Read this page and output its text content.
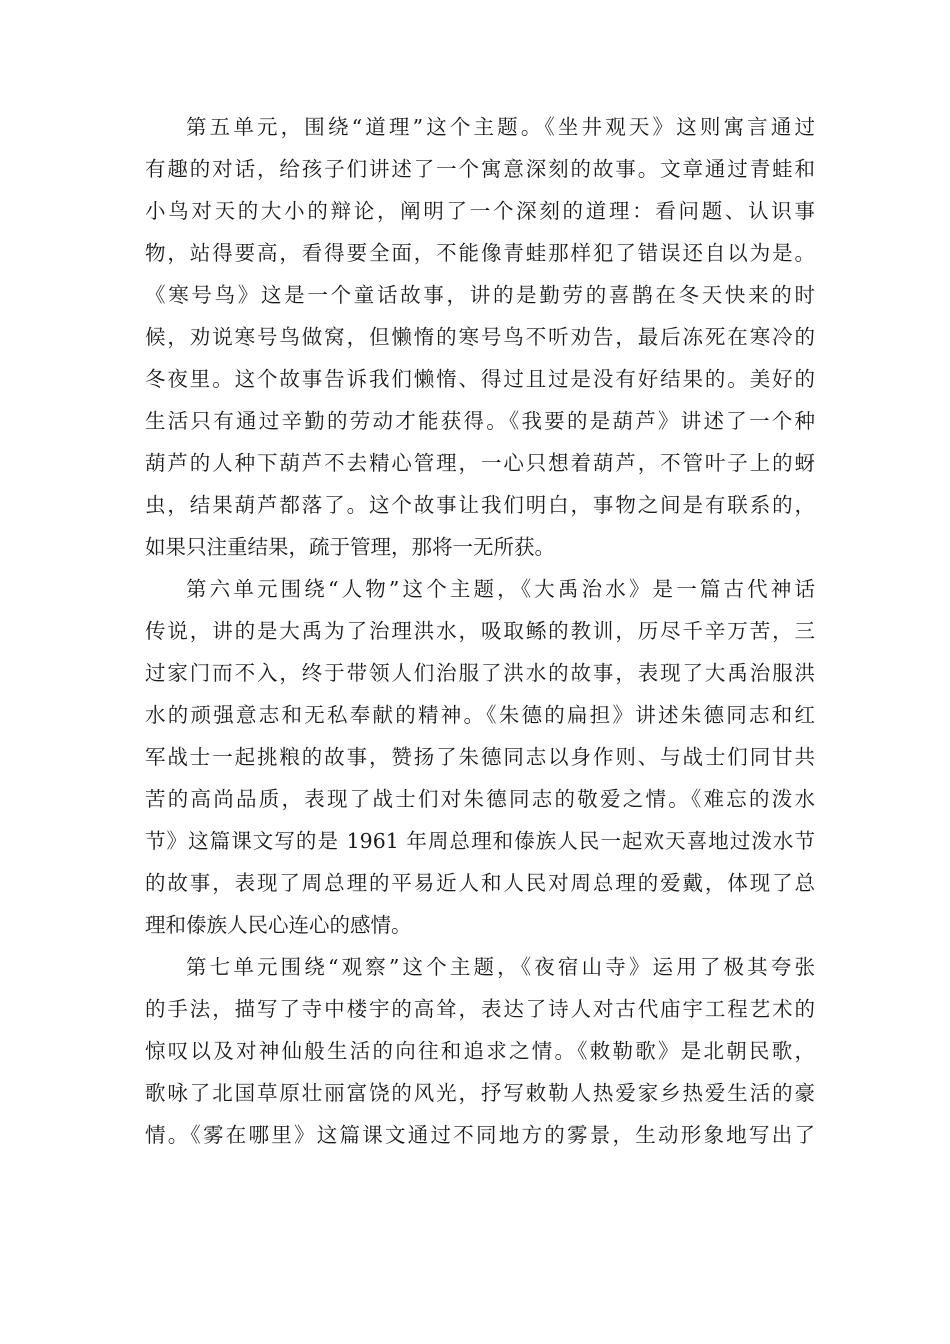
第五单元，围绕“道理”这个主题。《坐井观天》这则寓言通过
有趣的对话，给孩子们讲述了一个寓意深刻的故事。文章通过青蛙和
小鸟对天的大小的辩论，阐明了一个深刻的道理：看问题、认识事
物，站得要高，看得要全面，不能像青蛙那样犯了错误还自以为是。
《寒号鸟》这是一个童话故事，讲的是勤劳的喜鹊在冬天快来的时
候，劝说寒号鸟做窝，但懒惰的寒号鸟不听劝告，最后冻死在寒冷的
冬夜里。这个故事告诉我们懒惰、得过且过是没有好结果的。美好的
生活只有通过辛勤的劳动才能获得。《我要的是葫芦》讲述了一个种
葫芦的人种下葫芦不去精心管理，一心只想着葫芦，不管叶子上的蚜
虫，结果葫芦都落了。这个故事让我们明白，事物之间是有联系的，
如果只注重结果，疏于管理，那将一无所获。
第六单元围绕“人物”这个主题，《大禹治水》是一篇古代神话
传说，讲的是大禹为了治理洪水，吸取鲧的教训，历尽千辛万苦，三
过家门而不入，终于带领人们治服了洪水的故事，表现了大禹治服洪
水的顽强意志和无私奉献的精神。《朱德的扁担》讲述朱德同志和红
军战士一起挑粮的故事，赞扬了朱德同志以身作则、与战士们同甘共
苦的高尚品质，表现了战士们对朱德同志的敬爱之情。《难忘的泼水
节》这篇课文写的是 1961 年周总理和傣族人民一起欢天喜地过泼水节
的故事，表现了周总理的平易近人和人民对周总理的爱戴，体现了总
理和傣族人民心连心的感情。
第七单元围绕“观察”这个主题，《夜宿山寺》运用了极其夸张
的手法，描写了寺中楼宇的高耸，表达了诗人对古代庙宇工程艺术的
惊叹以及对神仙般生活的向往和追求之情。《敕勒歌》是北朝民歌，
歌咏了北国草原壮丽富饶的风光，抒写敕勒人热爱家乡热爱生活的豪
情。《雾在哪里》这篇课文通过不同地方的雾景，生动形象地写出了
